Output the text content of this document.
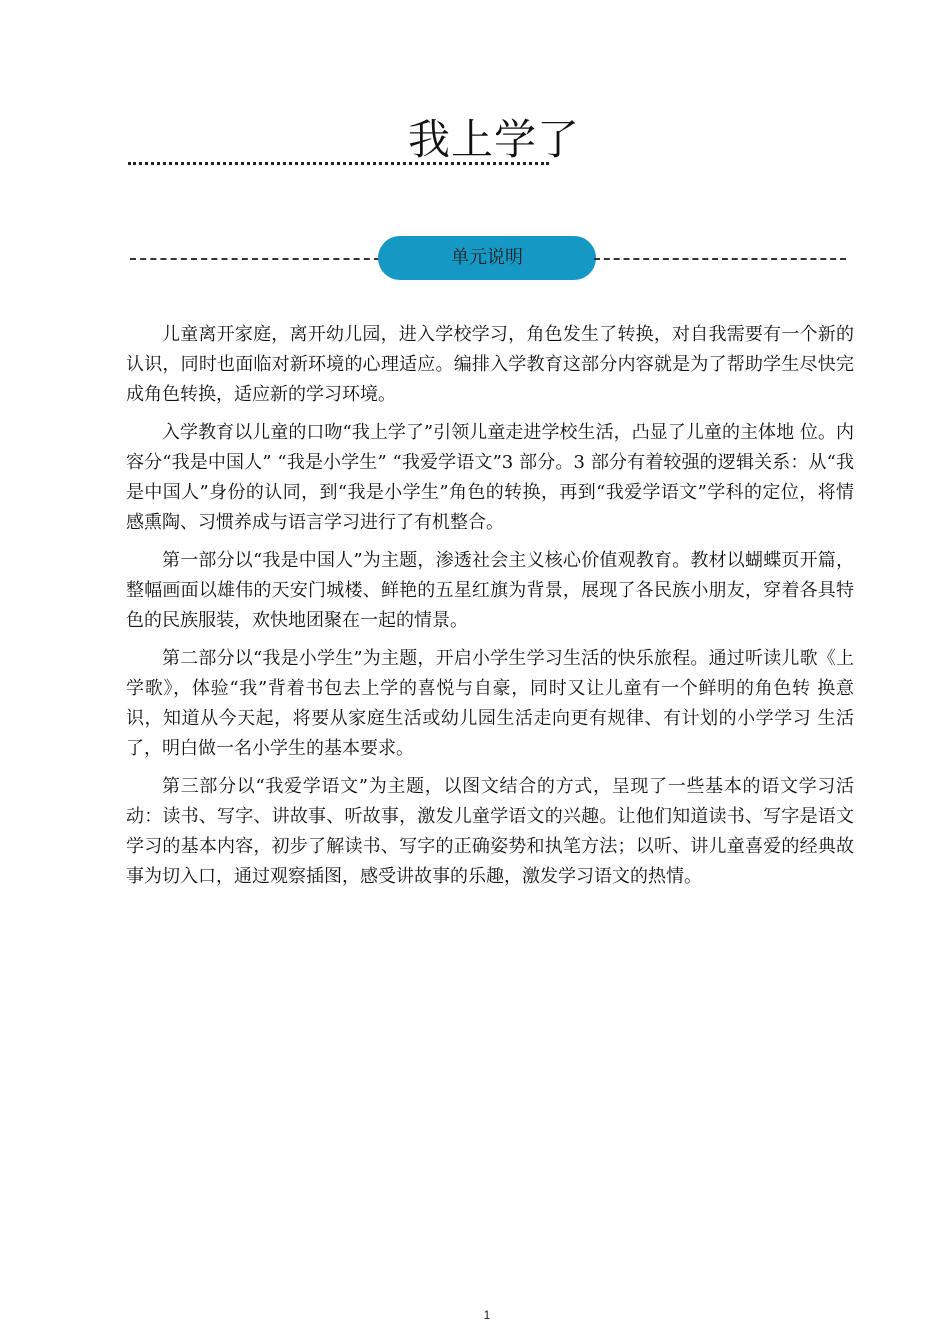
我上学了
单元说明

儿童离开家庭，离开幼儿园，进入学校学习，角色发生了转换，对自我需要有一个新的认识，同时也面临对新环境的心理适应。编排入学教育这部分内容就是为了帮助学生尽快完成角色转换，适应新的学习环境。

入学教育以儿童的口吻“我上学了”引领儿童走进学校生活，凸显了儿童的主体地 位。内容分“我是中国人” “我是小学生” “我爱学语文”3 部分。3 部分有着较强的逻辑关系：从“我是中国人”身份的认同，到“我是小学生”角色的转换，再到“我爱学语文”学科的定位，将情感熏陶、习惯养成与语言学习进行了有机整合。

第一部分以“我是中国人”为主题，渗透社会主义核心价值观教育。教材以蝴蝶页开篇，整幅画面以雄伟的天安门城楼、鲜艳的五星红旗为背景，展现了各民族小朋友，穿着各具特色的民族服装，欢快地团聚在一起的情景。

第二部分以“我是小学生”为主题，开启小学生学习生活的快乐旅程。通过听读儿歌《上学歌》，体验“我”背着书包去上学的喜悦与自豪，同时又让儿童有一个鲜明的角色转 换意识，知道从今天起，将要从家庭生活或幼儿园生活走向更有规律、有计划的小学学习 生活了，明白做一名小学生的基本要求。

第三部分以“我爱学语文”为主题，以图文结合的方式，呈现了一些基本的语文学习活动：读书、写字、讲故事、听故事，激发儿童学语文的兴趣。让他们知道读书、写字是语文学习的基本内容，初步了解读书、写字的正确姿势和执笔方法；以听、讲儿童喜爱的经典故事为切入口，通过观察插图，感受讲故事的乐趣，激发学习语文的热情。

1
